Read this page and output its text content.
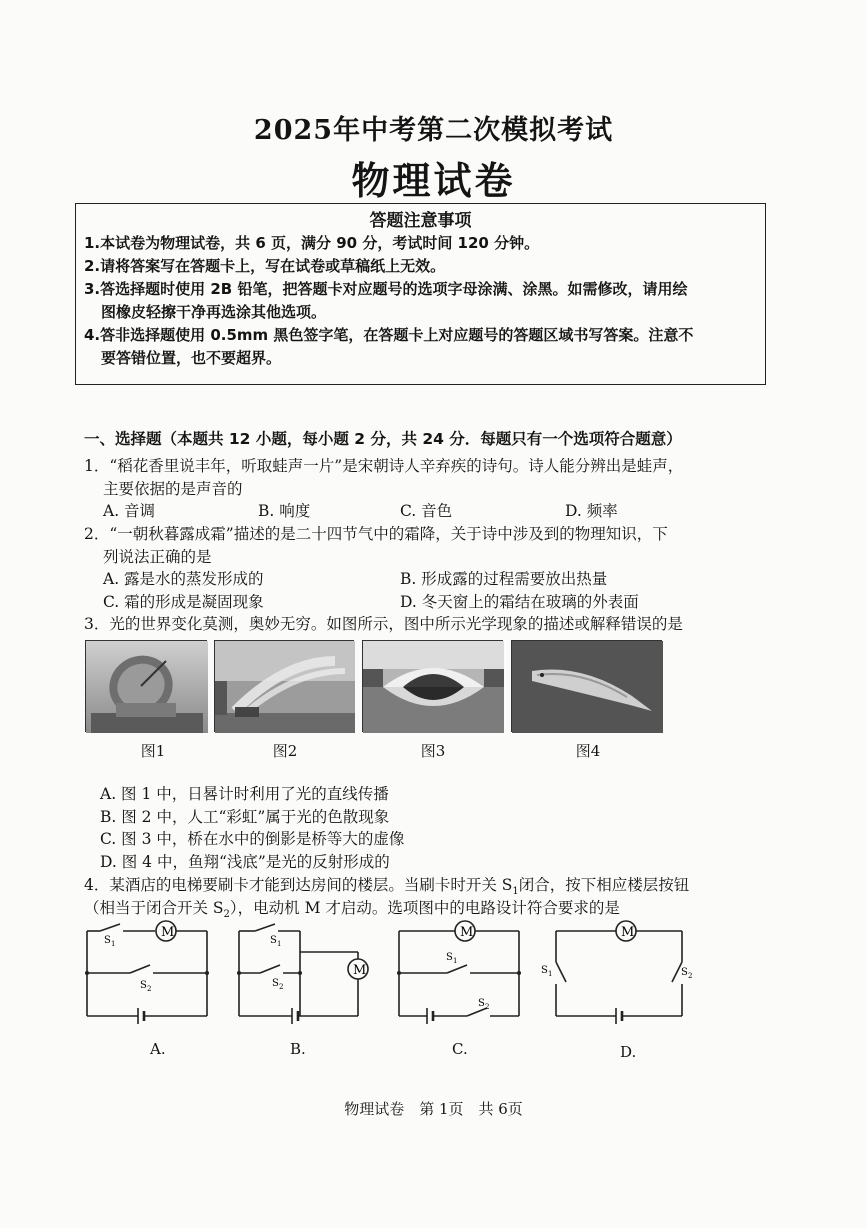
2025年中考第二次模拟考试
物理试卷
答题注意事项
1.本试卷为物理试卷，共 6 页，满分 90 分，考试时间 120 分钟。
2.请将答案写在答题卡上，写在试卷或草稿纸上无效。
3.答选择题时使用 2B 铅笔，把答题卡对应题号的选项字母涂满、涂黑。如需修改，请用绘
图橡皮轻擦干净再选涂其他选项。
4.答非选择题使用 0.5mm 黑色签字笔，在答题卡上对应题号的答题区域书写答案。注意不
要答错位置，也不要超界。
一、选择题（本题共 12 小题，每小题 2 分，共 24 分．每题只有一个选项符合题意）
1．“稻花香里说丰年，听取蛙声一片”是宋朝诗人辛弃疾的诗句。诗人能分辨出是蛙声，
主要依据的是声音的
A. 音调	B. 响度	C. 音色	D. 频率
2．“一朝秋暮露成霜”描述的是二十四节气中的霜降，关于诗中涉及到的物理知识，下
列说法正确的是
A. 露是水的蒸发形成的	B. 形成露的过程需要放出热量
C. 霜的形成是凝固现象	D. 冬天窗上的霜结在玻璃的外表面
3．光的世界变化莫测，奥妙无穷。如图所示，图中所示光学现象的描述或解释错误的是
图1	图2	图3	图4
A. 图 1 中，日晷计时利用了光的直线传播
B. 图 2 中，人工“彩虹”属于光的色散现象
C. 图 3 中，桥在水中的倒影是桥等大的虚像
D. 图 4 中，鱼翔“浅底”是光的反射形成的
4．某酒店的电梯要刷卡才能到达房间的楼层。当刷卡时开关 $S_1$闭合，按下相应楼层按钮
（相当于闭合开关 $S_2$），电动机 M 才启动。选项图中的电路设计符合要求的是
M
S 1
S 2
A.
M
S 1
S 2
B.
M
S 1
S 2
C.
M
S 1	S 2
D.
物理试卷　第 1页　共 6页
